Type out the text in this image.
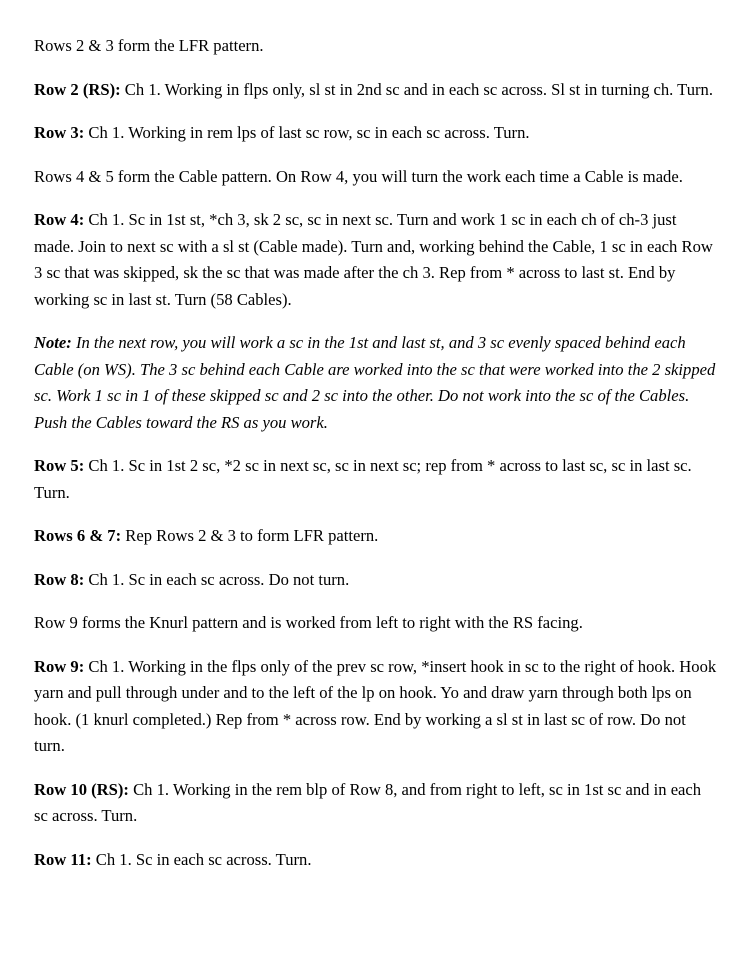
Rows 2 & 3 form the LFR pattern.

Row 2 (RS): Ch 1. Working in flps only, sl st in 2nd sc and in each sc across. Sl st in turning ch. Turn.

Row 3: Ch 1. Working in rem lps of last sc row, sc in each sc across. Turn.

Rows 4 & 5 form the Cable pattern. On Row 4, you will turn the work each time a Cable is made.

Row 4: Ch 1. Sc in 1st st, *ch 3, sk 2 sc, sc in next sc. Turn and work 1 sc in each ch of ch-3 just made. Join to next sc with a sl st (Cable made). Turn and, working behind the Cable, 1 sc in each Row 3 sc that was skipped, sk the sc that was made after the ch 3. Rep from * across to last st. End by working sc in last st. Turn (58 Cables).

Note: In the next row, you will work a sc in the 1st and last st, and 3 sc evenly spaced behind each Cable (on WS). The 3 sc behind each Cable are worked into the sc that were worked into the 2 skipped sc. Work 1 sc in 1 of these skipped sc and 2 sc into the other. Do not work into the sc of the Cables. Push the Cables toward the RS as you work.

Row 5: Ch 1. Sc in 1st 2 sc, *2 sc in next sc, sc in next sc; rep from * across to last sc, sc in last sc. Turn.

Rows 6 & 7: Rep Rows 2 & 3 to form LFR pattern.

Row 8: Ch 1. Sc in each sc across. Do not turn.

Row 9 forms the Knurl pattern and is worked from left to right with the RS facing.

Row 9: Ch 1. Working in the flps only of the prev sc row, *insert hook in sc to the right of hook. Hook yarn and pull through under and to the left of the lp on hook. Yo and draw yarn through both lps on hook. (1 knurl completed.) Rep from * across row. End by working a sl st in last sc of row. Do not turn.

Row 10 (RS): Ch 1. Working in the rem blp of Row 8, and from right to left, sc in 1st sc and in each sc across. Turn.

Row 11: Ch 1. Sc in each sc across. Turn.
